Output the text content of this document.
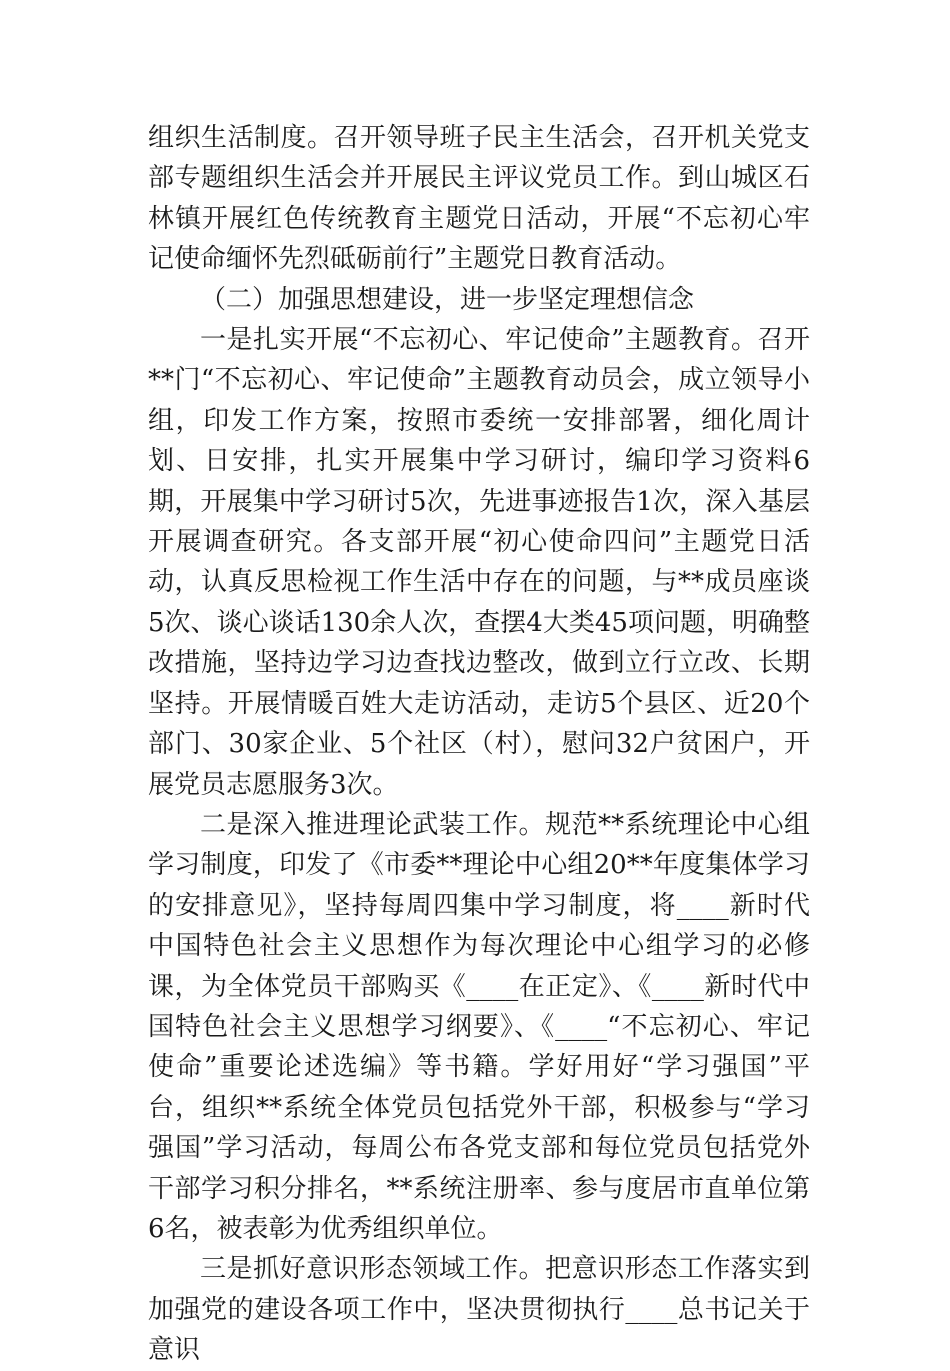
组织生活制度。召开领导班子民主生活会，召开机关党支部专题组织生活会并开展民主评议党员工作。到山城区石林镇开展红色传统教育主题党日活动，开展“不忘初心牢记使命缅怀先烈砥砺前行”主题党日教育活动。

（二）加强思想建设，进一步坚定理想信念

一是扎实开展“不忘初心、牢记使命”主题教育。召开**门“不忘初心、牢记使命”主题教育动员会，成立领导小组，印发工作方案，按照市委统一安排部署，细化周计划、日安排，扎实开展集中学习研讨，编印学习资料6期，开展集中学习研讨5次，先进事迹报告1次，深入基层开展调查研究。各支部开展“初心使命四问”主题党日活动，认真反思检视工作生活中存在的问题，与**成员座谈5次、谈心谈话130余人次，查摆4大类45项问题，明确整改措施，坚持边学习边查找边整改，做到立行立改、长期坚持。开展情暖百姓大走访活动，走访5个县区、近20个部门、30家企业、5个社区（村），慰问32户贫困户，开展党员志愿服务3次。

二是深入推进理论武装工作。规范**系统理论中心组学习制度，印发了《市委**理论中心组20**年度集体学习的安排意见》，坚持每周四集中学习制度，将____新时代中国特色社会主义思想作为每次理论中心组学习的必修课，为全体党员干部购买《____在正定》、《____新时代中国特色社会主义思想学习纲要》、《____“不忘初心、牢记使命”重要论述选编》等书籍。学好用好“学习强国”平台，组织**系统全体党员包括党外干部，积极参与“学习强国”学习活动，每周公布各党支部和每位党员包括党外干部学习积分排名，**系统注册率、参与度居市直单位第6名，被表彰为优秀组织单位。

三是抓好意识形态领域工作。把意识形态工作落实到加强党的建设各项工作中，坚决贯彻执行____总书记关于意识
